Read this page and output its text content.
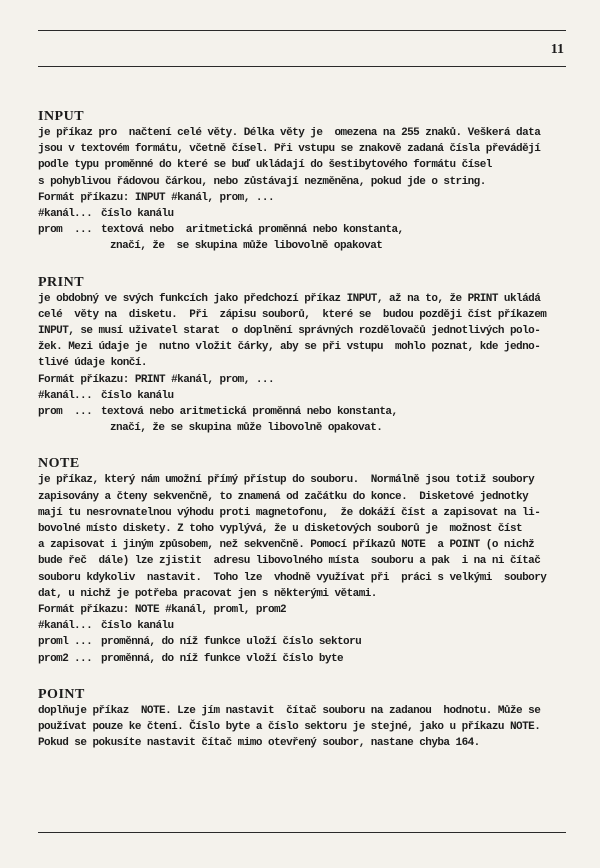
11
INPUT
je příkaz pro  načtení celé věty. Délka věty je  omezena na 255 znaků. Veškerá data
jsou v textovém formátu, včetně čísel. Při vstupu se znakově zadaná čísla převádějí
podle typu proměnné do které se buď ukládají do šestibytového formátu čísel
s pohyblivou řádovou čárkou, nebo zůstávají nezměněna, pokud jde o string.
Formát příkazu: INPUT #kanál, prom, ...
#kanál ... číslo kanálu
prom	... textová nebo  aritmetická proměnná nebo konstanta,
značí, že  se skupina může libovolně opakovat
PRINT
je obdobný ve svých funkcích jako předchozí příkaz INPUT, až na to, že PRINT ukládá
celé  věty na  disketu.  Při  zápisu souborů,  které se  budou později číst příkazem
INPUT, se musí uživatel starat  o doplnění správných rozdělovačů jednotlivých polo-
žek. Mezi údaje je  nutno vložit čárky, aby se při vstupu  mohlo poznat, kde jedno-
tlivé údaje končí.
Formát příkazu: PRINT #kanál, prom, ...
#kanál ... číslo kanálu
prom	... textová nebo aritmetická proměnná nebo konstanta,
značí, že se skupina může libovolně opakovat.
NOTE
je příkaz, který nám umožní přímý přístup do souboru.  Normálně jsou totiž soubory
zapisovány a čteny sekvenčně, to znamená od začátku do konce.  Disketové jednotky
mají tu nesrovnatelnou výhodu proti magnetofonu,  že dokáží číst a zapisovat na li-
bovolné místo diskety. Z toho vyplývá, že u disketových souborů je  možnost číst
a zapisovat i jiným způsobem, než sekvenčně. Pomocí příkazů NOTE  a POINT (o nichž
bude řeč  dále) lze zjistit  adresu libovolného místa  souboru a pak  i na ni čítač
souboru kdykoliv  nastavit.  Toho lze  vhodně využívat při  práci s velkými  soubory
dat, u nichž je potřeba pracovat jen s některými větami.
Formát příkazu: NOTE #kanál, proml, prom2
#kanál ... číslo kanálu
proml ... proměnná, do níž funkce uloží číslo sektoru
prom2 ... proměnná, do níž funkce vloží číslo byte
POINT
doplňuje příkaz  NOTE. Lze jím nastavit  čítač souboru na zadanou  hodnotu. Může se
používat pouze ke čtení. Číslo byte a číslo sektoru je stejné, jako u příkazu NOTE.
Pokud se pokusíte nastavit čítač mimo otevřený soubor, nastane chyba 164.
